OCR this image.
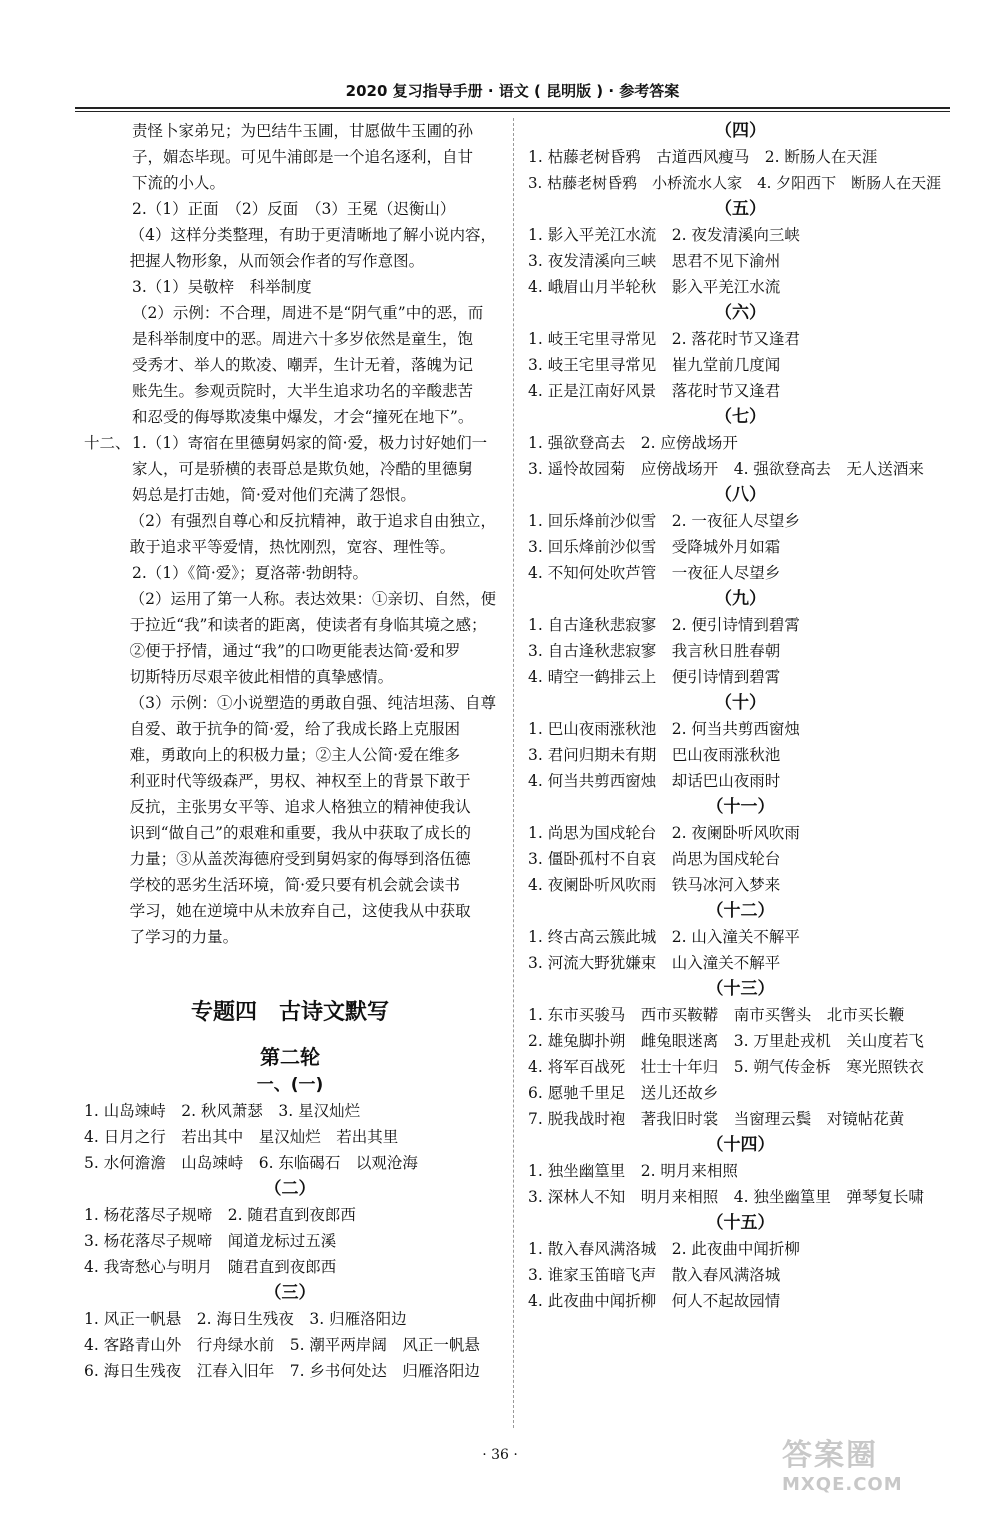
2020 复习指导手册 · 语文 ( 昆明版 ) · 参考答案

责怪卜家弟兄；为巴结牛玉圃，甘愿做牛玉圃的孙

子，媚态毕现。可见牛浦郎是一个追名逐利，自甘

下流的小人。

2.（1）正面　（2）反面　（3）王冕（迟衡山）

（4）这样分类整理，有助于更清晰地了解小说内容，

把握人物形象，从而领会作者的写作意图。

3.（1）吴敬梓　科举制度

（2）示例：不合理，周进不是“阴气重”中的恶，而

是科举制度中的恶。周进六十多岁依然是童生，饱

受秀才、举人的欺凌、嘲弄，生计无着，落魄为记

账先生。参观贡院时，大半生追求功名的辛酸悲苦

和忍受的侮辱欺凌集中爆发，才会“撞死在地下”。

十二、 1.（1）寄宿在里德舅妈家的简·爱，极力讨好她们一

家人，可是骄横的表哥总是欺负她，冷酷的里德舅

妈总是打击她，简·爱对他们充满了怨恨。

（2）有强烈自尊心和反抗精神，敢于追求自由独立，

敢于追求平等爱情，热忱刚烈，宽容、理性等。

2.（1）《简·爱》；夏洛蒂·勃朗特。

（2）运用了第一人称。表达效果：①亲切、自然，便

于拉近“我”和读者的距离，使读者有身临其境之感；

②便于抒情，通过“我”的口吻更能表达简·爱和罗

切斯特历尽艰辛彼此相惜的真挚感情。

（3）示例：①小说塑造的勇敢自强、纯洁坦荡、自尊

自爱、敢于抗争的简·爱，给了我成长路上克服困

难，勇敢向上的积极力量；②主人公简·爱在维多

利亚时代等级森严，男权、神权至上的背景下敢于

反抗，主张男女平等、追求人格独立的精神使我认

识到“做自己”的艰难和重要，我从中获取了成长的

力量；③从盖茨海德府受到舅妈家的侮辱到洛伍德

学校的恶劣生活环境，简·爱只要有机会就会读书

学习，她在逆境中从未放弃自己，这使我从中获取

了学习的力量。

专题四　古诗文默写
第二轮
一、(一)

1. 山岛竦峙　2. 秋风萧瑟　3. 星汉灿烂

4. 日月之行　若出其中　星汉灿烂　若出其里

5. 水何澹澹　山岛竦峙　6. 东临碣石　以观沧海

（二）

1. 杨花落尽子规啼　2. 随君直到夜郎西

3. 杨花落尽子规啼　闻道龙标过五溪

4. 我寄愁心与明月　随君直到夜郎西

（三）

1. 风正一帆悬　2. 海日生残夜　3. 归雁洛阳边

4. 客路青山外　行舟绿水前　5. 潮平两岸阔　风正一帆悬

6. 海日生残夜　江春入旧年　7. 乡书何处达　归雁洛阳边

（四）

1. 枯藤老树昏鸦　古道西风瘦马　2. 断肠人在天涯

3. 枯藤老树昏鸦　小桥流水人家　4. 夕阳西下　断肠人在天涯

（五）

1. 影入平羌江水流　2. 夜发清溪向三峡

3. 夜发清溪向三峡　思君不见下渝州

4. 峨眉山月半轮秋　影入平羌江水流

（六）

1. 岐王宅里寻常见　2. 落花时节又逢君

3. 岐王宅里寻常见　崔九堂前几度闻

4. 正是江南好风景　落花时节又逢君

（七）

1. 强欲登高去　2. 应傍战场开

3. 遥怜故园菊　应傍战场开　4. 强欲登高去　无人送酒来

（八）

1. 回乐烽前沙似雪　2. 一夜征人尽望乡

3. 回乐烽前沙似雪　受降城外月如霜

4. 不知何处吹芦管　一夜征人尽望乡

（九）

1. 自古逢秋悲寂寥　2. 便引诗情到碧霄

3. 自古逢秋悲寂寥　我言秋日胜春朝

4. 晴空一鹤排云上　便引诗情到碧霄

（十）

1. 巴山夜雨涨秋池　2. 何当共剪西窗烛

3. 君问归期未有期　巴山夜雨涨秋池

4. 何当共剪西窗烛　却话巴山夜雨时

（十一）

1. 尚思为国戍轮台　2. 夜阑卧听风吹雨

3. 僵卧孤村不自哀　尚思为国戍轮台

4. 夜阑卧听风吹雨　铁马冰河入梦来

（十二）

1. 终古高云簇此城　2. 山入潼关不解平

3. 河流大野犹嫌束　山入潼关不解平

（十三）

1. 东市买骏马　西市买鞍鞯　南市买辔头　北市买长鞭

2. 雄兔脚扑朔　雌兔眼迷离　3. 万里赴戎机　关山度若飞

4. 将军百战死　壮士十年归　5. 朔气传金柝　寒光照铁衣

6. 愿驰千里足　送儿还故乡

7. 脱我战时袍　著我旧时裳　当窗理云鬓　对镜帖花黄

（十四）

1. 独坐幽篁里　2. 明月来相照

3. 深林人不知　明月来相照　4. 独坐幽篁里　弹琴复长啸

（十五）

1. 散入春风满洛城　2. 此夜曲中闻折柳

3. 谁家玉笛暗飞声　散入春风满洛城

4. 此夜曲中闻折柳　何人不起故园情

· 36 ·	答案圈
MXQE.COM
